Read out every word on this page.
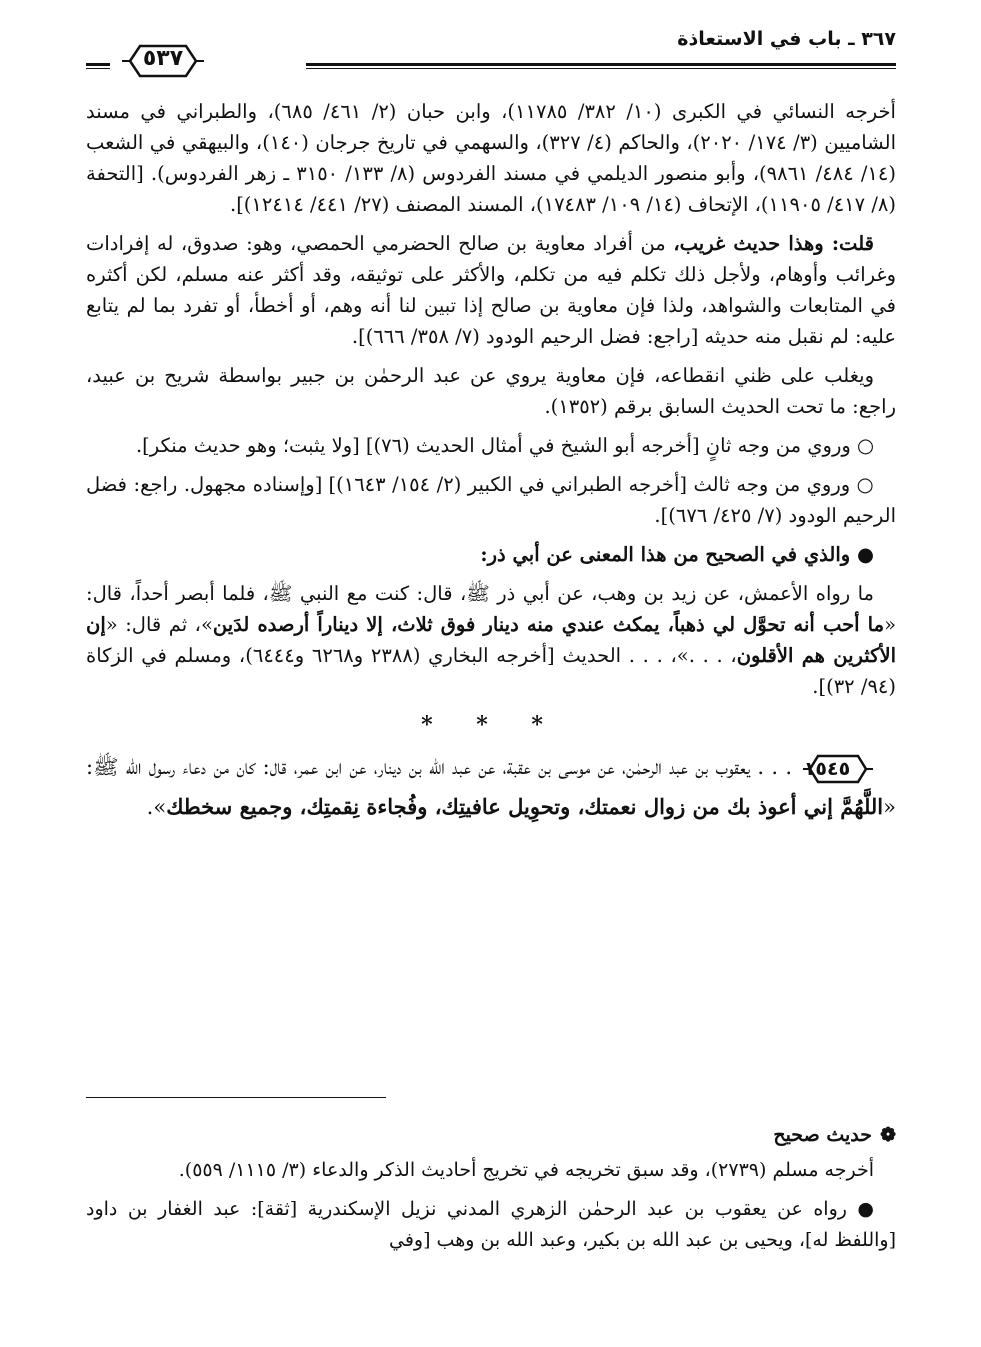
٣٦٧ ـ باب في الاستعاذة
٥٣٧

أخرجه النسائي في الكبرى (١٠/ ٣٨٢/ ١١٧٨٥)، وابن حبان (٢/ ٤٦١/ ٦٨٥)، والطبراني في مسند الشاميين (٣/ ١٧٤/ ٢٠٢٠)، والحاكم (٤/ ٣٢٧)، والسهمي في تاريخ جرجان (١٤٠)، والبيهقي في الشعب (١٤/ ٤٨٤/ ٩٨٦١)، وأبو منصور الديلمي في مسند الفردوس (٨/ ١٣٣/ ٣١٥٠ ـ زهر الفردوس). [التحفة (٨/ ٤١٧/ ١١٩٠٥)، الإتحاف (١٤/ ١٠٩/ ١٧٤٨٣)، المسند المصنف (٢٧/ ٤٤١/ ١٢٤١٤)].

قلت: وهذا حديث غريب، من أفراد معاوية بن صالح الحضرمي الحمصي، وهو: صدوق، له إفرادات وغرائب وأوهام، ولأجل ذلك تكلم فيه من تكلم، والأكثر على توثيقه، وقد أكثر عنه مسلم، لكن أكثره في المتابعات والشواهد، ولذا فإن معاوية بن صالح إذا تبين لنا أنه وهم، أو أخطأ، أو تفرد بما لم يتابع عليه: لم نقبل منه حديثه [راجع: فضل الرحيم الودود (٧/ ٣٥٨/ ٦٦٦)].

ويغلب على ظني انقطاعه، فإن معاوية يروي عن عبد الرحمٰن بن جبير بواسطة شريح بن عبيد، راجع: ما تحت الحديث السابق برقم (١٣٥٢).

○ وروي من وجه ثانٍ [أخرجه أبو الشيخ في أمثال الحديث (٧٦)] [ولا يثبت؛ وهو حديث منكر].

○ وروي من وجه ثالث [أخرجه الطبراني في الكبير (٢/ ١٥٤/ ١٦٤٣)] [وإسناده مجهول. راجع: فضل الرحيم الودود (٧/ ٤٢٥/ ٦٧٦)].

● والذي في الصحيح من هذا المعنى عن أبي ذر:

ما رواه الأعمش، عن زيد بن وهب، عن أبي ذر ﷺ، قال: كنت مع النبي ﷺ، فلما أبصر أحداً، قال: «ما أحب أنه تحوَّل لي ذهباً، يمكث عندي منه دينار فوق ثلاث، إلا ديناراً أرصده لدَين»، ثم قال: «إن الأكثرين هم الأقلون، . . .»، . . . الحديث [أخرجه البخاري (٢٣٨٨ و٦٢٦٨ و٦٤٤٤)، ومسلم في الزكاة (٩٤/ ٣٢)].

* * *

١٥٤٥
. . . يعقوب بن عبد الرحمٰن، عن موسى بن عقبة، عن عبد الله بن دينار، عن ابن عمر، قال: كان من دعاء رسول الله ﷺ: «اللَّهُمَّ إني أعوذ بك من زوال نعمتك، وتحوِيل عافيتِك، وفُجاءة نِقمتِك، وجميع سخطك».

❁حديث صحيح

أخرجه مسلم (٢٧٣٩)، وقد سبق تخريجه في تخريج أحاديث الذكر والدعاء (٣/ ١١١٥/ ٥٥٩).

● رواه عن يعقوب بن عبد الرحمٰن الزهري المدني نزيل الإسكندرية [ثقة]: عبد الغفار بن داود [واللفظ له]، ويحيى بن عبد الله بن بكير، وعبد الله بن وهب [وفي
